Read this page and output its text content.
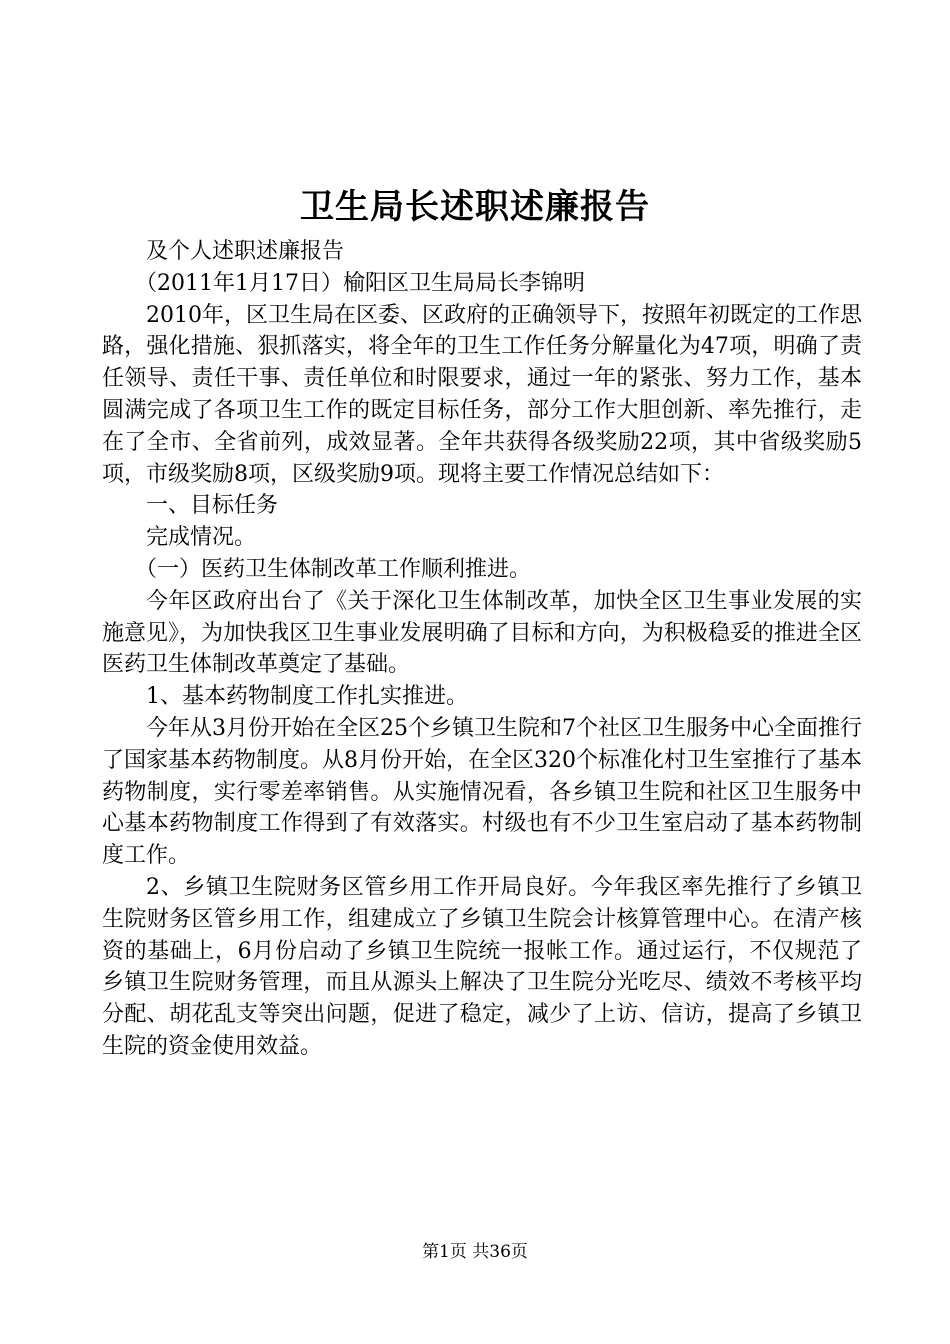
卫生局长述职述廉报告

及个人述职述廉报告

（2011年1月17日）榆阳区卫生局局长李锦明

2010年，区卫生局在区委、区政府的正确领导下，按照年初既定的工作思路，强化措施、狠抓落实，将全年的卫生工作任务分解量化为47项，明确了责任领导、责任干事、责任单位和时限要求，通过一年的紧张、努力工作，基本圆满完成了各项卫生工作的既定目标任务，部分工作大胆创新、率先推行，走在了全市、全省前列，成效显著。全年共获得各级奖励22项，其中省级奖励5项，市级奖励8项，区级奖励9项。现将主要工作情况总结如下：

一、目标任务

完成情况。

（一）医药卫生体制改革工作顺利推进。

今年区政府出台了《关于深化卫生体制改革，加快全区卫生事业发展的实施意见》，为加快我区卫生事业发展明确了目标和方向，为积极稳妥的推进全区医药卫生体制改革奠定了基础。

1、基本药物制度工作扎实推进。

今年从3月份开始在全区25个乡镇卫生院和7个社区卫生服务中心全面推行了国家基本药物制度。从8月份开始，在全区320个标准化村卫生室推行了基本药物制度，实行零差率销售。从实施情况看，各乡镇卫生院和社区卫生服务中心基本药物制度工作得到了有效落实。村级也有不少卫生室启动了基本药物制度工作。

2、乡镇卫生院财务区管乡用工作开局良好。今年我区率先推行了乡镇卫生院财务区管乡用工作，组建成立了乡镇卫生院会计核算管理中心。在清产核资的基础上，6月份启动了乡镇卫生院统一报帐工作。通过运行，不仅规范了乡镇卫生院财务管理，而且从源头上解决了卫生院分光吃尽、绩效不考核平均分配、胡花乱支等突出问题，促进了稳定，减少了上访、信访，提高了乡镇卫生院的资金使用效益。

第1页 共36页
